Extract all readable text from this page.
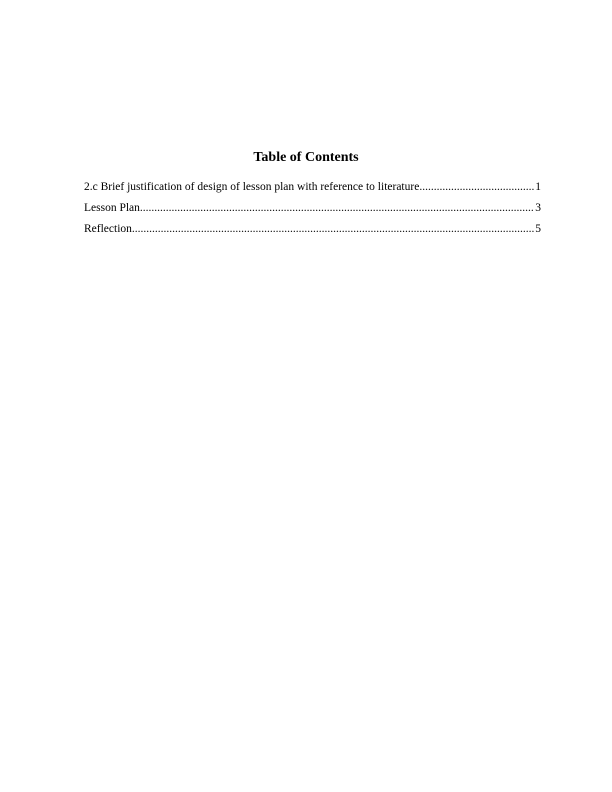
Table of Contents
2.c Brief justification of design of lesson plan with reference to literature .....	1
Lesson Plan .....	3
Reflection .....	5
